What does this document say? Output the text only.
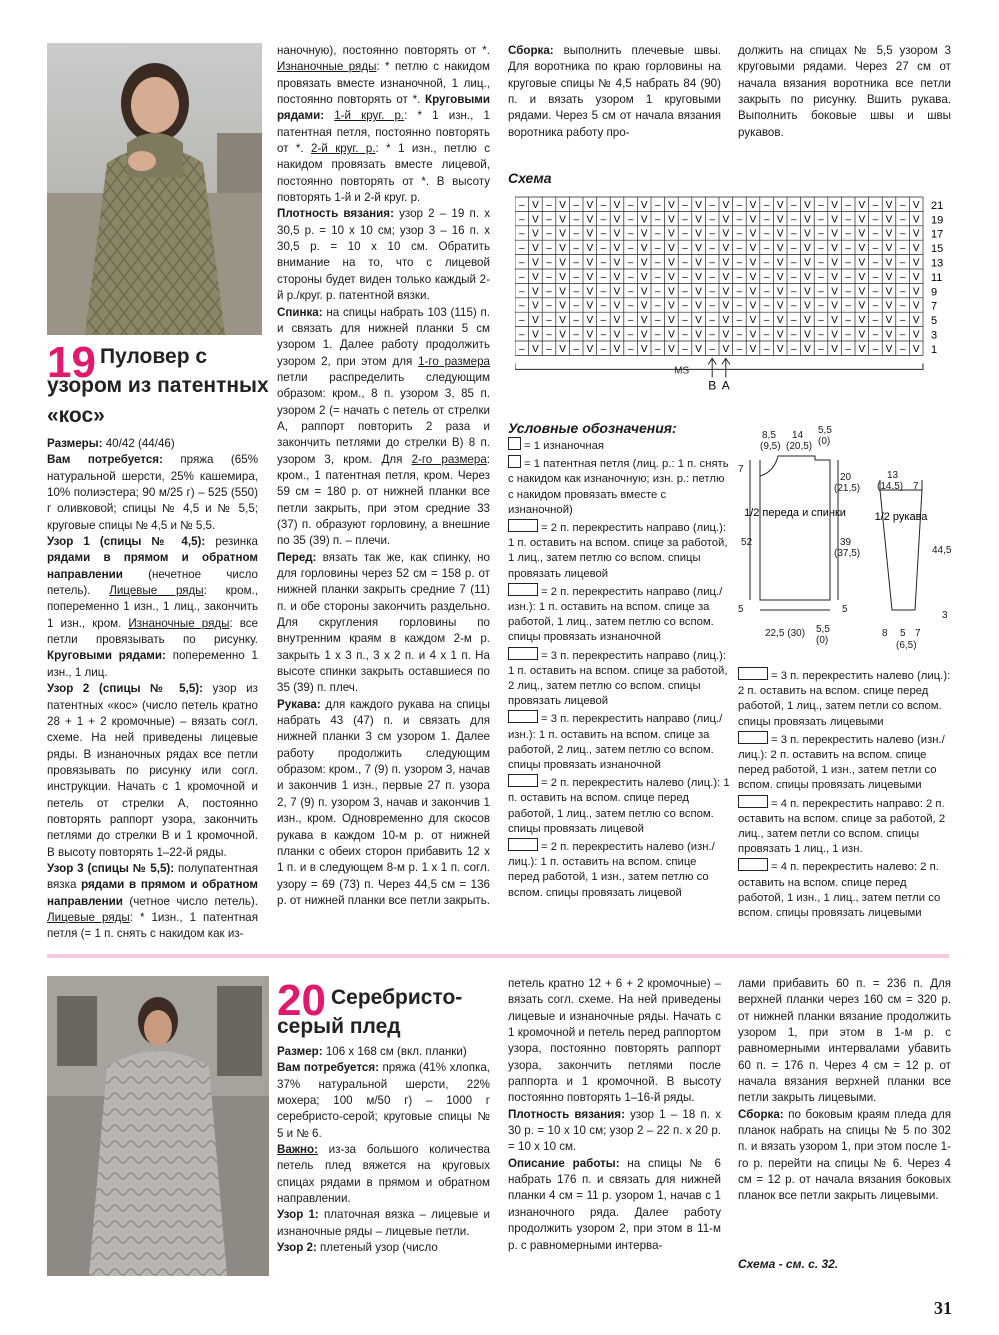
19 Пуловер с
узором из патентных
«кос»

Размеры: 40/42 (44/46)
Вам потребуется: пряжа (65% натуральной шерсти, 25% кашемира, 10% полиэстера; 90 м/25 г) – 525 (550) г оливковой; спицы № 4,5 и № 5,5; круговые спицы № 4,5 и № 5,5.
Узор 1 (спицы № 4,5): резинка рядами в прямом и обратном направлении (нечетное число петель). Лицевые ряды: кром., попеременно 1 изн., 1 лиц., закончить 1 изн., кром. Изнаночные ряды: все петли провязывать по рисунку. Круговыми рядами: попеременно 1 изн., 1 лиц.
Узор 2 (спицы № 5,5): узор из патентных «кос» (число петель кратно 28 + 1 + 2 кромочные) – вязать согл. схеме. На ней приведены лицевые ряды. В изнаночных рядах все петли провязывать по рисунку или согл. инструкции. Начать с 1 кромочной и петель от стрелки А, постоянно повторять раппорт узора, закончить петлями до стрелки В и 1 кромочной. В высоту повторять 1–22-й ряды.
Узор 3 (спицы № 5,5): полупатентная вязка рядами в прямом и обратном направлении (четное число петель). Лицевые ряды: * 1изн., 1 патентная петля (= 1 п. снять с накидом как из-

наночную), постоянно повторять от *. Изнаночные ряды: * петлю с накидом провязать вместе изнаночной, 1 лиц., постоянно повторять от *. Круговыми рядами: 1-й круг. р.: * 1 изн., 1 патентная петля, постоянно повторять от *. 2-й круг. р.: * 1 изн., петлю с накидом провязать вместе лицевой, постоянно повторять от *. В высоту повторять 1-й и 2-й круг. р.
Плотность вязания: узор 2 – 19 п. х 30,5 р. = 10 х 10 см; узор 3 – 16 п. х 30,5 р. = 10 х 10 см. Обратить внимание на то, что с лицевой стороны будет виден только каждый 2-й р./круг. р. патентной вязки.
Спинка: на спицы набрать 103 (115) п. и связать для нижней планки 5 см узором 1. Далее работу продолжить узором 2, при этом для 1-го размера петли распределить следующим образом: кром., 8 п. узором 3, 85 п. узором 2 (= начать с петель от стрелки А, раппорт повторить 2 раза и закончить петлями до стрелки В) 8 п. узором 3, кром. Для 2-го размера: кром., 1 патентная петля, кром. Через 59 см = 180 р. от нижней планки все петли закрыть, при этом средние 33 (37) п. образуют горловину, а внешние по 35 (39) п. – плечи.
Перед: вязать так же, как спинку, но для горловины через 52 см = 158 р. от нижней планки закрыть средние 7 (11) п. и обе стороны закончить раздельно. Для скругления горловины по внутренним краям в каждом 2-м р. закрыть 1 х 3 п., 3 х 2 п. и 4 х 1 п. На высоте спинки закрыть оставшиеся по 35 (39) п. плеч.
Рукава: для каждого рукава на спицы набрать 43 (47) п. и связать для нижней планки 3 см узором 1. Далее работу продолжить следующим образом: кром., 7 (9) п. узором 3, начав и закончив 1 изн., первые 27 п. узора 2, 7 (9) п. узором 3, начав и закончив 1 изн., кром. Одновременно для скосов рукава в каждом 10-м р. от нижней планки с обеих сторон прибавить 12 х 1 п. и в следующем 8-м р. 1 х 1 п. согл. узору = 69 (73) п. Через 44,5 см = 136 р. от нижней планки все петли закрыть.

Сборка: выполнить плечевые швы. Для воротника по краю горловины на круговые спицы № 4,5 набрать 84 (90) п. и вязать узором 1 круговыми рядами. Через 5 см от начала вязания воротника работу про-

должить на спицах № 5,5 узором 3 круговыми рядами. Через 27 см от начала вязания воротника все петли закрыть по рисунку. Вшить рукава. Выполнить боковые швы и швы рукавов.

Схема
– V – V – V – V – V – V – V – V – V – V – V – V – V – V – V 21
– V – V – V – V – V – V – V – V – V – V – V – V – V – V – V 19
– V – V – V – V – V – V – V – V – V – V – V – V – V – V – V 17
– V – V – V – V – V – V – V – V – V – V – V – V – V – V – V 15
– V – V – V – V – V – V – V – V – V – V – V – V – V – V – V 13
– V – V – V – V – V – V – V – V – V – V – V – V – V – V – V 11
– V – V – V – V – V – V – V – V – V – V – V – V – V – V – V 9
– V – V – V – V – V – V – V – V – V – V – V – V – V – V – V 7
– V – V – V – V – V – V – V – V – V – V – V – V – V – V – V 5
– V – V – V – V – V – V – V – V – V – V – V – V – V – V – V 3
– V – V – V – V – V – V – V – V – V – V – V – V – V – V – V 1
MS
B A
Условные обозначения:
= 1 изнаночная
= 1 патентная петля (лиц. р.: 1 п. снять с накидом как изнаночную; изн. р.: петлю с накидом провязать вместе с изнаночной)
= 2 п. перекрестить направо (лиц.): 1 п. оставить на вспом. спице за работой, 1 лиц., затем петлю со вспом. спицы провязать лицевой
= 2 п. перекрестить направо (лиц./изн.): 1 п. оставить на вспом. спице за работой, 1 лиц., затем петлю со вспом. спицы провязать изнаночной
= 3 п. перекрестить направо (лиц.): 1 п. оставить на вспом. спице за работой, 2 лиц., затем петлю со вспом. спицы провязать лицевой
= 3 п. перекрестить направо (лиц./изн.): 1 п. оставить на вспом. спице за работой, 2 лиц., затем петлю со вспом. спицы провязать изнаночной
= 2 п. перекрестить налево (лиц.): 1 п. оставить на вспом. спице перед работой, 1 лиц., затем петлю со вспом. спицы провязать лицевой
= 2 п. перекрестить налево (изн./лиц.): 1 п. оставить на вспом. спице перед работой, 1 изн., затем петлю со вспом. спицы провязать лицевой
= 3 п. перекрестить налево (лиц.): 2 п. оставить на вспом. спице перед работой, 1 лиц., затем петли со вспом. спицы провязать лицевыми
= 3 п. перекрестить налево (изн./лиц.): 2 п. оставить на вспом. спице перед работой, 1 изн., затем петли со вспом. спицы провязать лицевыми
= 4 п. перекрестить направо: 2 п. оставить на вспом. спице за работой, 2 лиц., затем петли со вспом. спицы провязать 1 лиц., 1 изн.
= 4 п. перекрестить налево: 2 п. оставить на вспом. спице перед работой, 1 изн., 1 лиц., затем петли со вспом. спицы провязать лицевыми
1/2 переда и спинки	1/2 рукава
8,5
(9,5)
14
(20,5)
5,5
(0)
7
20
(21,5)
52	39
(37,5)
5	5
22,5 (30) 5,5
(0)
13
(14,5) 7
44,5
3
8 5 7
(6,5)
20 Серебристо-
серый плед

Размер: 106 х 168 см (вкл. планки)
Вам потребуется: пряжа (41% хлопка, 37% натуральной шерсти, 22% мохера; 100 м/50 г) – 1000 г серебристо-серой; круговые спицы № 5 и № 6.
Важно: из-за большого количества петель плед вяжется на круговых спицах рядами в прямом и обратном направлении.
Узор 1: платочная вязка – лицевые и изнаночные ряды – лицевые петли.
Узор 2: плетеный узор (число

петель кратно 12 + 6 + 2 кромочные) – вязать согл. схеме. На ней приведены лицевые и изнаночные ряды. Начать с 1 кромочной и петель перед раппортом узора, постоянно повторять раппорт узора, закончить петлями после раппорта и 1 кромочной. В высоту постоянно повторять 1–16-й ряды.
Плотность вязания: узор 1 – 18 п. х 30 р. = 10 х 10 см; узор 2 – 22 п. х 20 р. = 10 х 10 см.
Описание работы: на спицы № 6 набрать 176 п. и связать для нижней планки 4 см = 11 р. узором 1, начав с 1 изнаночного ряда. Далее работу продолжить узором 2, при этом в 11-м р. с равномерными интерва-

лами прибавить 60 п. = 236 п. Для верхней планки через 160 см = 320 р. от нижней планки вязание продолжить узором 1, при этом в 1-м р. с равномерными интервалами убавить 60 п. = 176 п. Через 4 см = 12 р. от начала вязания верхней планки все петли закрыть лицевыми.
Сборка: по боковым краям пледа для планок набрать на спицы № 5 по 302 п. и вязать узором 1, при этом после 1-го р. перейти на спицы № 6. Через 4 см = 12 р. от начала вязания боковых планок все петли закрыть лицевыми.

Схема - см. с. 32.
31
